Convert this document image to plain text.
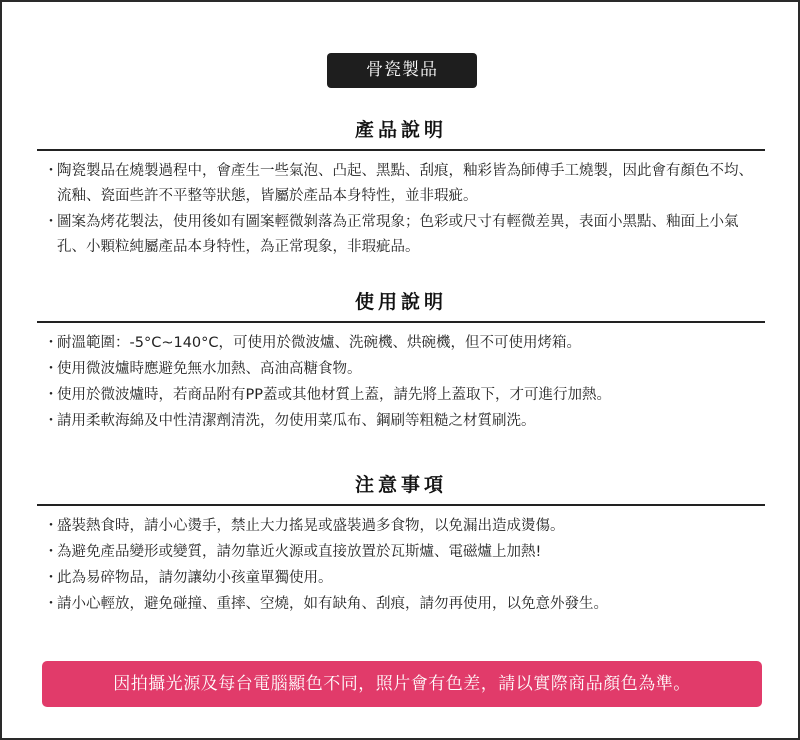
骨瓷製品
產品說明
・ 陶瓷製品在燒製過程中，會產生一些氣泡、凸起、黑點、刮痕，釉彩皆為師傅手工燒製，因此會有顏色不均、流釉、瓷面些許不平整等狀態，皆屬於產品本身特性，並非瑕疵。
・ 圖案為烤花製法，使用後如有圖案輕微剝落為正常現象；色彩或尺寸有輕微差異，表面小黑點、釉面上小氣孔、小顆粒純屬產品本身特性，為正常現象，非瑕疵品。
使用說明
・ 耐溫範圍：-5°C~140°C，可使用於微波爐、洗碗機、烘碗機，但不可使用烤箱。
・ 使用微波爐時應避免無水加熱、高油高糖食物。
・ 使用於微波爐時，若商品附有PP蓋或其他材質上蓋，請先將上蓋取下，才可進行加熱。
・ 請用柔軟海綿及中性清潔劑清洗，勿使用菜瓜布、鋼刷等粗糙之材質刷洗。
注意事項
・ 盛裝熱食時，請小心燙手，禁止大力搖晃或盛裝過多食物，以免漏出造成燙傷。
・ 為避免產品變形或變質，請勿靠近火源或直接放置於瓦斯爐、電磁爐上加熱!
・ 此為易碎物品，請勿讓幼小孩童單獨使用。
・ 請小心輕放，避免碰撞、重摔、空燒，如有缺角、刮痕，請勿再使用，以免意外發生。
因拍攝光源及每台電腦顯色不同，照片會有色差，請以實際商品顏色為準。
